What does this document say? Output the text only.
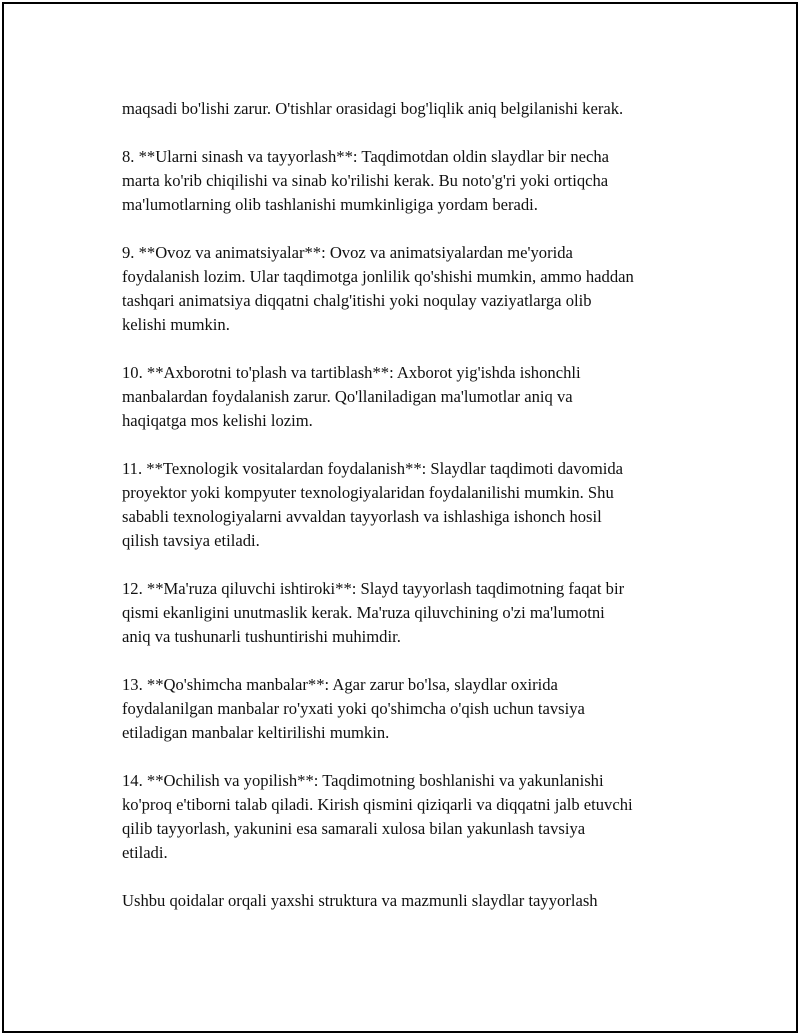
maqsadi bo'lishi zarur. O'tishlar orasidagi bog'liqlik aniq belgilanishi kerak.

8. **Ularni sinash va tayyorlash**: Taqdimotdan oldin slaydlar bir necha
marta ko'rib chiqilishi va sinab ko'rilishi kerak. Bu noto'g'ri yoki ortiqcha
ma'lumotlarning olib tashlanishi mumkinligiga yordam beradi.

9. **Ovoz va animatsiyalar**: Ovoz va animatsiyalardan me'yorida
foydalanish lozim. Ular taqdimotga jonlilik qo'shishi mumkin, ammo haddan
tashqari animatsiya diqqatni chalg'itishi yoki noqulay vaziyatlarga olib
kelishi mumkin.

10. **Axborotni to'plash va tartiblash**: Axborot yig'ishda ishonchli
manbalardan foydalanish zarur. Qo'llaniladigan ma'lumotlar aniq va
haqiqatga mos kelishi lozim.

11. **Texnologik vositalardan foydalanish**: Slaydlar taqdimoti davomida
proyektor yoki kompyuter texnologiyalaridan foydalanilishi mumkin. Shu
sababli texnologiyalarni avvaldan tayyorlash va ishlashiga ishonch hosil
qilish tavsiya etiladi.

12. **Ma'ruza qiluvchi ishtiroki**: Slayd tayyorlash taqdimotning faqat bir
qismi ekanligini unutmaslik kerak. Ma'ruza qiluvchining o'zi ma'lumotni
aniq va tushunarli tushuntirishi muhimdir.

13. **Qo'shimcha manbalar**: Agar zarur bo'lsa, slaydlar oxirida
foydalanilgan manbalar ro'yxati yoki qo'shimcha o'qish uchun tavsiya
etiladigan manbalar keltirilishi mumkin.

14. **Ochilish va yopilish**: Taqdimotning boshlanishi va yakunlanishi
ko'proq e'tiborni talab qiladi. Kirish qismini qiziqarli va diqqatni jalb etuvchi
qilib tayyorlash, yakunini esa samarali xulosa bilan yakunlash tavsiya
etiladi.

Ushbu qoidalar orqali yaxshi struktura va mazmunli slaydlar tayyorlash
